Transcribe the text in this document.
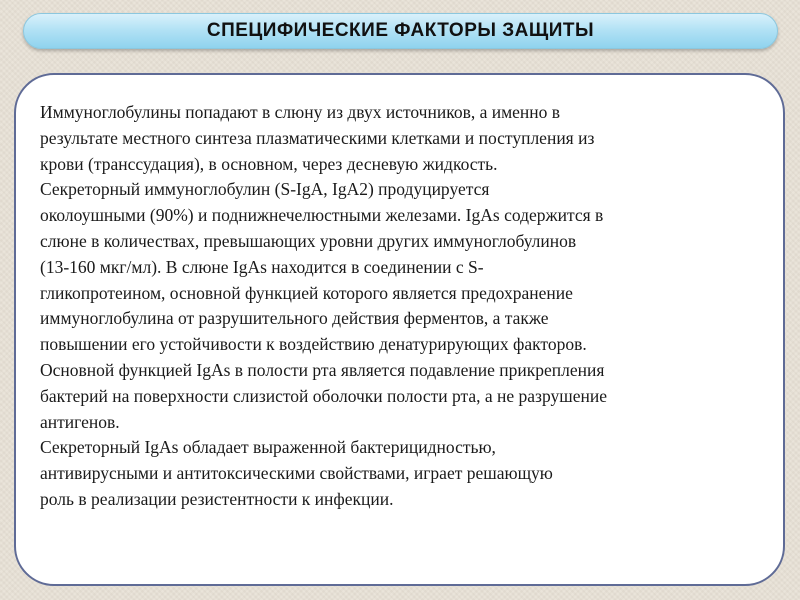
СПЕЦИФИЧЕСКИЕ ФАКТОРЫ ЗАЩИТЫ

Иммуноглобулины попадают в слюну из двух источников, а именно в
результате местного синтеза плазматическими клетками и поступления из
крови (транссудация), в основном, через десневую жидкость.
Секреторный иммуноглобулин (S-IgA, IgA2) продуцируется
околоушными (90%) и поднижнечелюстными железами. IgAs содержится в
слюне в количествах, превышающих уровни других иммуноглобулинов
(13-160 мкг/мл). В слюне IgAs находится в соединении с S-
гликопротеином, основной функцией которого является предохранение
иммуноглобулина от разрушительного действия ферментов, а также
повышении его устойчивости к воздействию денатурирующих факторов.
Основной функцией IgAs в полости рта является подавление прикрепления
бактерий на поверхности слизистой оболочки полости рта, а не разрушение
антигенов.
Секреторный IgAs обладает выраженной бактерицидностью,
антивирусными и антитоксическими свойствами, играет решающую
роль в реализации резистентности к инфекции.
